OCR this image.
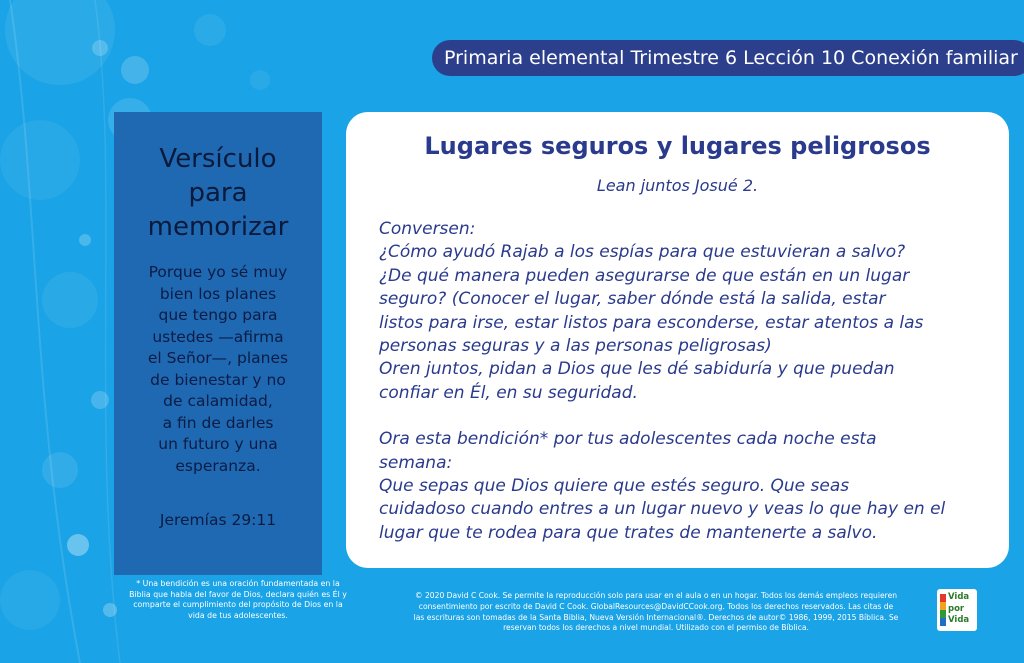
Primaria elemental Trimestre 6 Lección 10 Conexión familiar
Versículo
para
memorizar
Porque yo sé muy
bien los planes
que tengo para
ustedes —afirma
el Señor—, planes
de bienestar y no
de calamidad,
a fin de darles
un futuro y una
esperanza.
Jeremías 29:11
Lugares seguros y lugares peligrosos
Lean juntos Josué 2.
Conversen:
¿Cómo ayudó Rajab a los espías para que estuvieran a salvo?
¿De qué manera pueden asegurarse de que están en un lugar
seguro? (Conocer el lugar, saber dónde está la salida, estar
listos para irse, estar listos para esconderse, estar atentos a las
personas seguras y a las personas peligrosas)
Oren juntos, pidan a Dios que les dé sabiduría y que puedan
confiar en Él, en su seguridad.
Ora esta bendición* por tus adolescentes cada noche esta
semana:
Que sepas que Dios quiere que estés seguro. Que seas
cuidadoso cuando entres a un lugar nuevo y veas lo que hay en el
lugar que te rodea para que trates de mantenerte a salvo.
* Una bendición es una oración fundamentada en la
Biblia que habla del favor de Dios, declara quién es Él y
comparte el cumplimiento del propósito de Dios en la
vida de tus adolescentes.
© 2020 David C Cook. Se permite la reproducción solo para usar en el aula o en un hogar. Todos los demás empleos requieren
consentimiento por escrito de David C Cook. GlobalResources@DavidCCook.org. Todos los derechos reservados. Las citas de
las escrituras son tomadas de la Santa Biblia, Nueva Versión Internacional®. Derechos de autor© 1986, 1999, 2015 Bíblica. Se
reservan todos los derechos a nivel mundial. Utilizado con el permiso de Bíblica.
Vida
por
Vida
